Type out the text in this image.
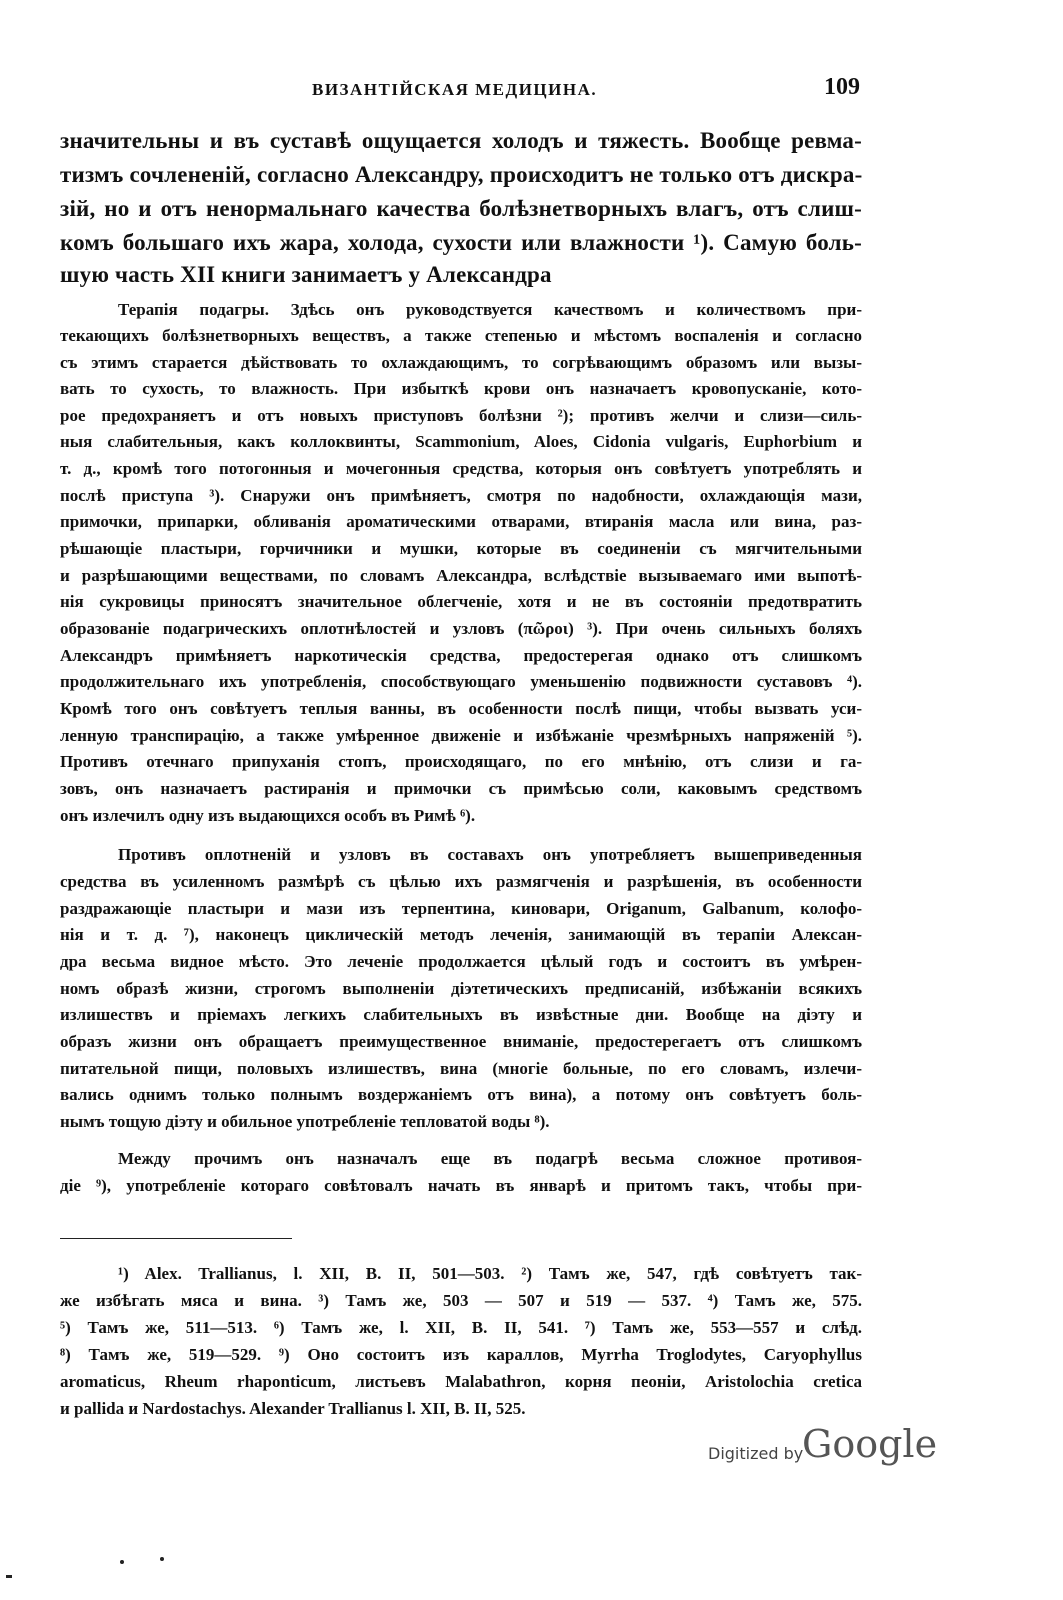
ВИЗАНТІЙСКАЯ МЕДИЦИНА.	109
значительны и въ суставѣ ощущается холодъ и тяжесть. Вообще ревма-
тизмъ сочлененій, согласно Александру, происходитъ не только отъ дискра-
зій, но и отъ ненормальнаго качества болѣзнетворныхъ влагъ, отъ слиш-
комъ большаго ихъ жара, холода, сухости или влажности ¹). Самую боль-
шую часть XII книги занимаетъ у Александра
Терапія подагры. Здѣсь онъ руководствуется качествомъ и количествомъ при-
текающихъ болѣзнетворныхъ веществъ, а также степенью и мѣстомъ воспаленія и согласно
съ этимъ старается дѣйствовать то охлаждающимъ, то согрѣвающимъ образомъ или вызы-
вать то сухость, то влажность. При избыткѣ крови онъ назначаетъ кровопусканіе, кото-
рое предохраняетъ и отъ новыхъ приступовъ болѣзни ²); противъ желчи и слизи—силь-
ныя слабительныя, какъ коллоквинты, Scammonium, Aloes, Cidonia vulgaris, Euphorbium и
т. д., кромѣ того потогонныя и мочегонныя средства, которыя онъ совѣтуетъ употреблять и
послѣ приступа ³). Снаружи онъ примѣняетъ, смотря по надобности, охлаждающія мази,
примочки, припарки, обливанія ароматическими отварами, втиранія масла или вина, раз-
рѣшающіе пластыри, горчичники и мушки, которые въ соединеніи съ мягчительными
и разрѣшающими веществами, по словамъ Александра, вслѣдствіе вызываемаго ими выпотѣ-
нія сукровицы приносятъ значительное облегченіе, хотя и не въ состояніи предотвратить
образованіе подагрическихъ оплотнѣлостей и узловъ (πῶροι) ³). При очень сильныхъ боляхъ
Александръ примѣняетъ наркотическія средства, предостерегая однако отъ слишкомъ
продолжительнаго ихъ употребленія, способствующаго уменьшенію подвижности суставовъ ⁴).
Кромѣ того онъ совѣтуетъ теплыя ванны, въ особенности послѣ пищи, чтобы вызвать уси-
ленную транспирацію, а также умѣренное движеніе и избѣжаніе чрезмѣрныхъ напряженій ⁵).
Противъ отечнаго припуханія стопъ, происходящаго, по его мнѣнію, отъ слизи и га-
зовъ, онъ назначаетъ растиранія и примочки съ примѣсью соли, каковымъ средствомъ
онъ излечилъ одну изъ выдающихся особъ въ Римѣ ⁶).
Противъ оплотненій и узловъ въ составахъ онъ употребляетъ вышеприведенныя
средства въ усиленномъ размѣрѣ съ цѣлью ихъ размягченія и разрѣшенія, въ особенности
раздражающіе пластыри и мази изъ терпентина, киновари, Origanum, Galbanum, колофо-
нія и т. д. ⁷), наконецъ циклическій методъ леченія, занимающій въ терапіи Алексан-
дра весьма видное мѣсто. Это леченіе продолжается цѣлый годъ и состоитъ въ умѣрен-
номъ образѣ жизни, строгомъ выполненіи діэтетическихъ предписаній, избѣжаніи всякихъ
излишествъ и пріемахъ легкихъ слабительныхъ въ извѣстные дни. Вообще на діэту и
образъ жизни онъ обращаетъ преимущественное вниманіе, предостерегаетъ отъ слишкомъ
питательной пищи, половыхъ излишествъ, вина (многіе больные, по его словамъ, излечи-
вались однимъ только полнымъ воздержаніемъ отъ вина), а потому онъ совѣтуетъ боль-
нымъ тощую діэту и обильное употребленіе тепловатой воды ⁸).
Между прочимъ онъ назначалъ еще въ подагрѣ весьма сложное противоя-
діе ⁹), употребленіе котораго совѣтовалъ начать въ январѣ и притомъ такъ, чтобы при-
¹) Alex. Trallianus, l. XII, B. II, 501—503. ²) Тамъ же, 547, гдѣ совѣтуетъ так-
же избѣгать мяса и вина. ³) Тамъ же, 503 — 507 и 519 — 537. ⁴) Тамъ же, 575.
⁵) Тамъ же, 511—513. ⁶) Тамъ же, l. XII, B. II, 541. ⁷) Тамъ же, 553—557 и слѣд.
⁸) Тамъ же, 519—529. ⁹) Оно состоитъ изъ караллов, Myrrha Troglodytes, Caryophyllus
aromaticus, Rheum rhaponticum, листьевъ Malabathron, корня пеоніи, Aristolochia cretica
и pallida и Nardostachys. Alexander Trallianus l. XII, B. II, 525.
Digitized by
Google
